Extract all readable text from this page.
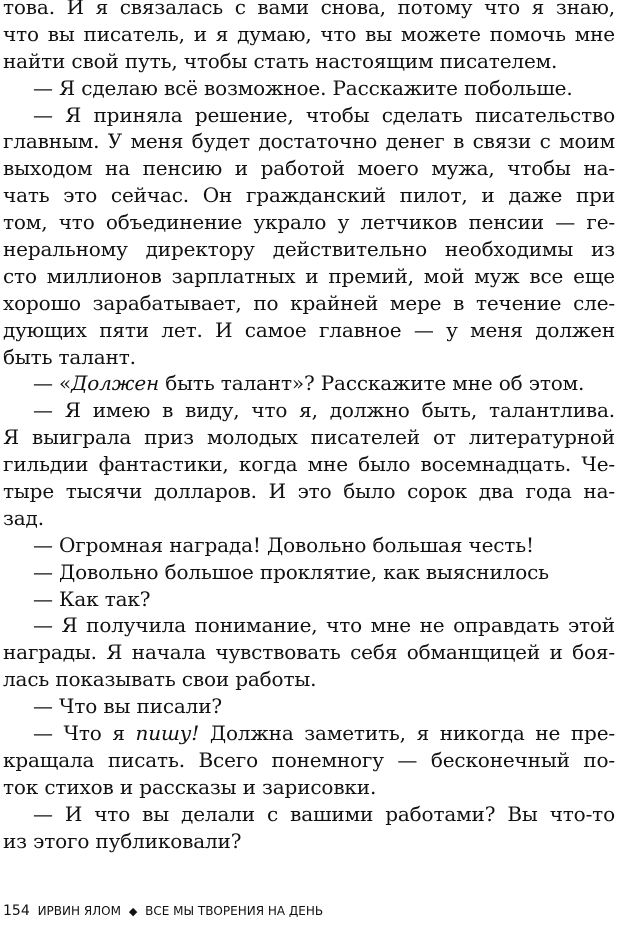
това. И я связалась с вами снова, потому что я знаю,
что вы писатель, и я думаю, что вы можете помочь мне
найти свой путь, чтобы стать настоящим писателем.
— Я сделаю всё возможное. Расскажите побольше.
— Я приняла решение, чтобы сделать писательство
главным. У меня будет достаточно денег в связи с моим
выходом на пенсию и работой моего мужа, чтобы на-
чать это сейчас. Он гражданский пилот, и даже при
том, что объединение украло у летчиков пенсии — ге-
неральному директору действительно необходимы из
сто миллионов зарплатных и премий, мой муж все еще
хорошо зарабатывает, по крайней мере в течение сле-
дующих пяти лет. И самое главное — у меня должен
быть талант.
— «Должен быть талант»? Расскажите мне об этом.
— Я имею в виду, что я, должно быть, талантлива.
Я выиграла приз молодых писателей от литературной
гильдии фантастики, когда мне было восемнадцать. Че-
тыре тысячи долларов. И это было сорок два года на-
зад.
— Огромная награда! Довольно большая честь!
— Довольно большое проклятие, как выяснилось
— Как так?
— Я получила понимание, что мне не оправдать этой
награды. Я начала чувствовать себя обманщицей и боя-
лась показывать свои работы.
— Что вы писали?
— Что я пишу! Должна заметить, я никогда не пре-
кращала писать. Всего понемногу — бесконечный по-
ток стихов и рассказы и зарисовки.
— И что вы делали с вашими работами? Вы что-то
из этого публиковали?
154 ИРВИН ЯЛОМ ◆ ВСЕ МЫ ТВОРЕНИЯ НА ДЕНЬ
